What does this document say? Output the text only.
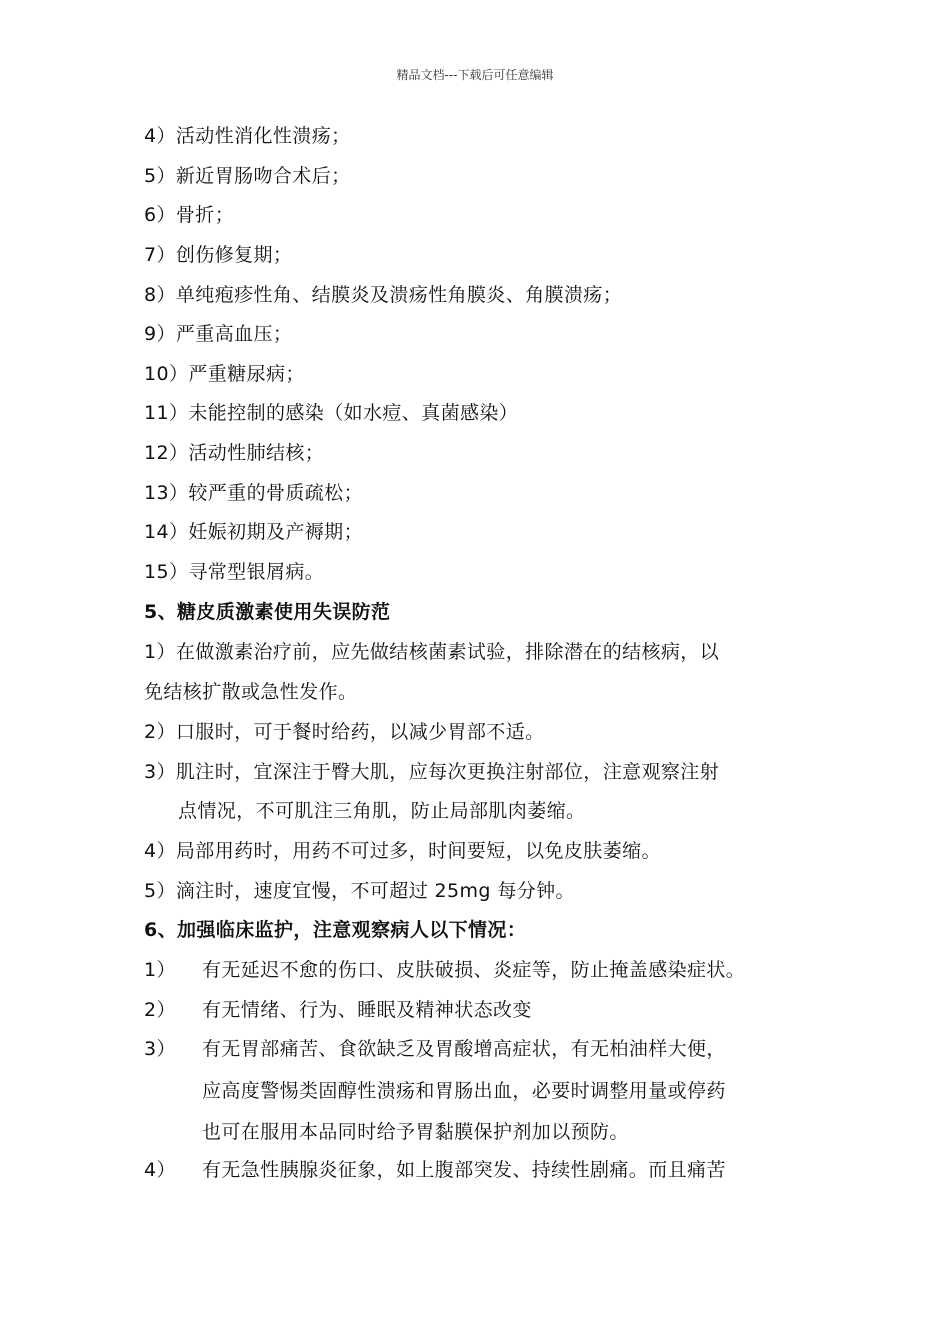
精品文档---下载后可任意编辑
4）活动性消化性溃疡；
5）新近胃肠吻合术后；
6）骨折；
7）创伤修复期；
8）单纯疱疹性角、结膜炎及溃疡性角膜炎、角膜溃疡；
9）严重高血压；
10）严重糖尿病；
11）未能控制的感染（如水痘、真菌感染）
12）活动性肺结核；
13）较严重的骨质疏松；
14）妊娠初期及产褥期；
15）寻常型银屑病。
5、糖皮质激素使用失误防范
1）在做激素治疗前，应先做结核菌素试验，排除潜在的结核病，以
免结核扩散或急性发作。
2）口服时，可于餐时给药，以减少胃部不适。
3）肌注时，宜深注于臀大肌，应每次更换注射部位，注意观察注射
点情况，不可肌注三角肌，防止局部肌肉萎缩。
4）局部用药时，用药不可过多，时间要短，以免皮肤萎缩。
5）滴注时，速度宜慢，不可超过 25mg 每分钟。
6、加强临床监护，注意观察病人以下情况：
1） 有无延迟不愈的伤口、皮肤破损、炎症等，防止掩盖感染症状。
2） 有无情绪、行为、睡眠及精神状态改变
3） 有无胃部痛苦、食欲缺乏及胃酸增高症状，有无柏油样大便，
应高度警惕类固醇性溃疡和胃肠出血，必要时调整用量或停药
也可在服用本品同时给予胃黏膜保护剂加以预防。
4） 有无急性胰腺炎征象，如上腹部突发、持续性剧痛。而且痛苦
